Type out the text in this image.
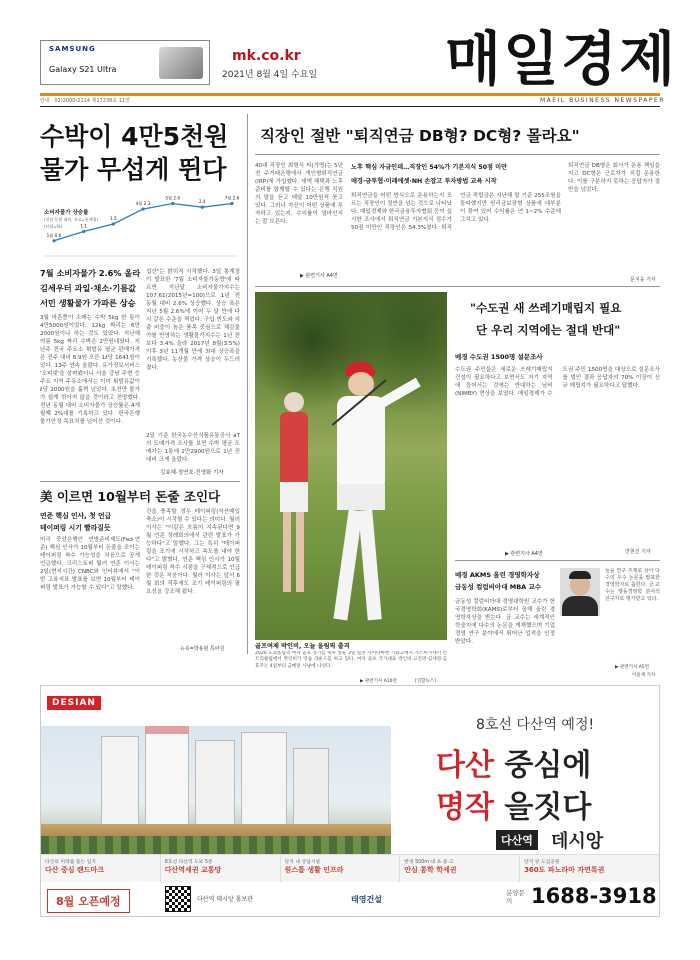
SAMSUNG
Galaxy S21 Ultra
mk.co.kr
2021년 8월 4일 수요일 매일경제
안내 · 02)2000-2114 제17238호 11면	MAEIL BUSINESS NEWSPAPER
수박이 4만5천원
물가 무섭게 뛴다
소비자물가 상승률
(전년 동월 대비, 자료=통계청)
(단위=%)
1월 0.6
1.1
1.5
4월 2.3
5월 2.6
2.4
7월 2.6
7월 소비자물가 2.6% 올라
김세우터 과일·채소·기름값
서민 생활물가 가파른 상승
3월 마흔쯤이 소매는 수박 5kg 한 통이 4만5000원이었다. 12kg 짜리는 6만2000원이나 하는 것도 있었다. 지난해 여름 5kg 짜리 수박은 2만원대였다. 지난주 전국 주요소 휘발유 평균 판매가격은 전주 대비 8.9원 오른 1ℓ당 1641원이었다. 13주 연속 올랐다. 유가정보서비스 '오피넷'을 살펴봤더니 서울 강남 주변 등 주요 지역 주유소에서는 이미 휘발유값이 ℓ당 2000원을 훌쩍 넘었다. 초전만 물가가 쉽게 꺾이지 않을 것이라고 전망했다. 전년 동월 대비 소비자물가 상승률은 4개월째 2%대를 기록하고 있다. 한국은행 물가안정 목표치를 넘어선 것이다.
섭산"는 밝히지 시작했다. 3일 통계청이 발표한 '7월 소비자물가동향'에 따르면 지난달 소비자물가지수는 107.61(2015년=100)으로 1년 전 동월 대비 2.6% 상승했다. 상승 폭은 지난 5월 2.6%에 이어 두 달 만에 다시 같은 수준을 찍었다. 구입 빈도와 지출 비중이 높은 품목 중심으로 체감물가를 반영하는 생활물가지수는 1년 전보다 3.4% 올라 2017년 8월(3.5%) 이후 3년 11개월 만에 최대 상승폭을 기록했다. 농산물 가격 상승이 두드러졌다.
2일 기준 한국농수산식품유통공사 aT의 도매가격 조사를 보면 수박 평균 도매가는 1통에 2만2900원으로 1년 전 대비 크게 올랐다.
김효혜·정연호·진영화 기자
美 이르면 10월부터 돈줄 조인다
연준 핵심 인사, 첫 언급
테이퍼링 시기 빨라질듯
미국 중앙은행인 연방준비제도(Fed·연준) 핵심 인사가 10월부터 돈줄을 조이는 테이퍼링 착수 가능성을 처음으로 공개 언급했다. 크리스토퍼 월러 연준 이사는 2일(현지시간) CNBC와 인터뷰에서 "이번 고용지표 발표를 보면 10월부터 테이퍼링 발표가 가능할 수 있다"고 말했다.
건을 충족할 경우 테이퍼링(자산매입 축소)이 시작될 수 있다는 의미다. 월러 이사는 "이같은 흐름이 지속된다면 9월 연준 정례회의에서 관련 발표가 가능하다"고 말했다. 그는 특히 "테이퍼링을 조기에 시작하고 속도를 내야 한다"고 밝혔다. 연준 핵심 인사가 10월 테이퍼링 착수 시점을 구체적으로 언급한 것은 처음이다. 월러 이사는 앞서 6월 회의 직후에도 조기 테이퍼링의 필요성을 강조해 왔다.
뉴욕=박용범 특파원
직장인 절반 "퇴직연금 DB형? DC형? 몰라요"
40대 직장인 최형식 씨(가명)는 5년 전 주거래은행에서 개인형퇴직연금(IRP)에 가입했다. 세액 혜택과 노후 준비를 함께할 수 있다는 은행 직원의 말을 듣고 매달 10만원씩 붓고 있다. 그러나 자신이 어떤 상품에 투자하고 있는지, 수익률이 얼마인지는 잘 모른다.
노후 핵심 자금인데…직장인 54%가 기본지식 50점 미만
매경·금투협·미래에셋·NH 손잡고 투자방법 교육 시작
퇴직연금을 어떤 방식으로 운용하는지 모르는 직장인이 절반을 넘는 것으로 나타났다. 매일경제와 한국금융투자협회 등이 실시한 조사에서 퇴직연금 기본지식 점수가 50점 미만인 직장인은 54.3%였다. 퇴직연금 적립금은 지난해 말 기준 255조원을 돌파했지만 원리금보장형 상품에 대부분이 묶여 있어 수익률은 연 1~2% 수준에 그치고 있다.
퇴직연금 DB형은 회사가 운용 책임을 지고 DC형은 근로자가 직접 운용한다. 이를 구분하지 못하는 응답자가 절반을 넘었다.
▶ 관련기사 A4면
문지웅 기자
골프여제 박인비, 오늘 올림픽 출격
2020 도쿄올림픽 여자 골프 경기를 하루 앞둔 3일 일본 사이타마현 가와고에시 가스미가세키 컨트리클럽에서 박인비가 연습 라운드를 하고 있다. 여자 골프 국가대표 박인비·고진영·김세영·김효주는 4일부터 금메달 사냥에 나선다.
▶ 관련기사 A10면	[연합뉴스]
"수도권 새 쓰레기매립지 필요
단 우리 지역에는 절대 반대"
매경 수도권 1500명 설문조사
수도권 주민들은 새로운 쓰레기매립지 건설이 필요하다고 보면서도 자기 지역에 들어서는 것에는 반대하는 님비(NIMBY) 현상을 보였다. 매일경제가 수도권 주민 1500명을 대상으로 설문조사를 벌인 결과 응답자의 70% 이상이 신규 매립지가 필요하다고 답했다.
▶ 관련기사 A4면	연현진 기자
매경 AKMS 올린 경영학자상
금동성 컬럼비아대 MBA 교수
금동성 컬럼비아대 경영대학원 교수가 한국경영학회(KAMS)로부터 올해 올린 경영학자상을 받는다. 금 교수는 세계적인 학술지에 다수의 논문을 게재했으며 기업 경영 연구 분야에서 뛰어난 업적을 인정받았다.
들을 연구 주제로 삼아 다수의 우수 논문을 발표한 경영학자로 꼽힌다. 금 교수는 행동경영학 분야의 선구자로 평가받고 있다.
▶ 관련기사 A5면
이윤재 기자
DESIAN
8호선 다산역 예정!
다산 중심에
명작 을짓다
다산역 데시앙
다산의 미래를 품는 입지
다산 중심 랜드마크
8호선 다산역 도보 5분
다산역세권 교통망
단지 내 상업시설
원스톱 생활 인프라
반경 500m 내 초·중·고
안심 통학 학세권
단지 앞 도심공원
360도 파노라마 자연특권
8월 오픈예정	다산역 데시앙 홍보관	태영건설
분양문의 1688-3918
